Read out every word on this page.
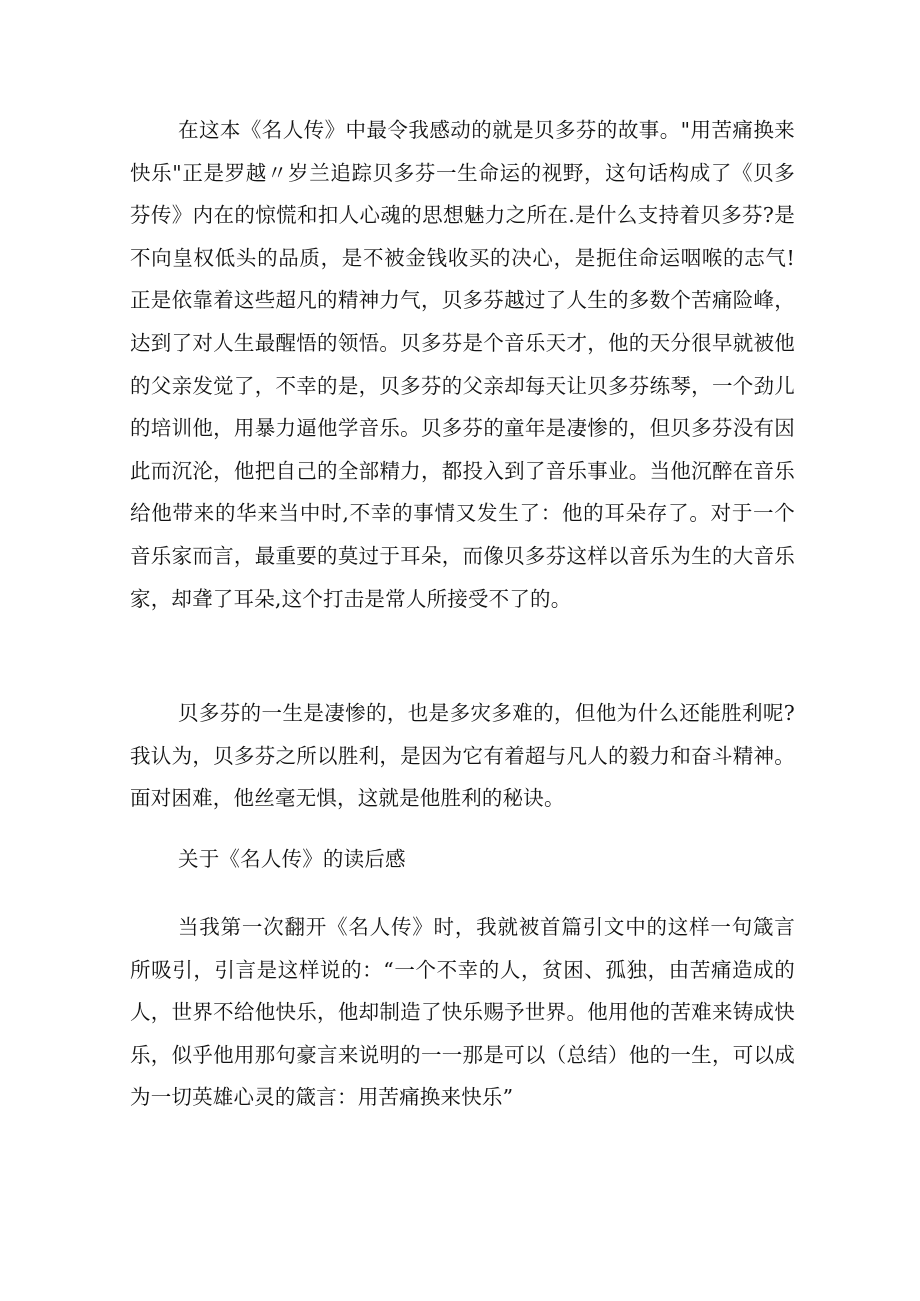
在这本《名人传》中最令我感动的就是贝多芬的故事。"用苦痛换来快乐"正是罗越〃岁兰追踪贝多芬一生命运的视野，这句话构成了《贝多芬传》内在的惊慌和扣人心魂的思想魅力之所在.是什么支持着贝多芬?是不向皇权低头的品质，是不被金钱收买的决心，是扼住命运咽喉的志气!正是依靠着这些超凡的精神力气，贝多芬越过了人生的多数个苦痛险峰，达到了对人生最醒悟的领悟。贝多芬是个音乐天才，他的天分很早就被他的父亲发觉了，不幸的是，贝多芬的父亲却每天让贝多芬练琴，一个劲儿的培训他，用暴力逼他学音乐。贝多芬的童年是凄惨的，但贝多芬没有因此而沉沦，他把自己的全部精力，都投入到了音乐事业。当他沉醉在音乐给他带来的华来当中时,不幸的事情又发生了：他的耳朵存了。对于一个音乐家而言，最重要的莫过于耳朵，而像贝多芬这样以音乐为生的大音乐家，却聋了耳朵,这个打击是常人所接受不了的。

贝多芬的一生是凄惨的，也是多灾多难的，但他为什么还能胜利呢?我认为，贝多芬之所以胜利，是因为它有着超与凡人的毅力和奋斗精神。面对困难，他丝毫无惧，这就是他胜利的秘诀。

关于《名人传》的读后感

当我第一次翻开《名人传》时，我就被首篇引文中的这样一句箴言所吸引，引言是这样说的：“一个不幸的人，贫困、孤独，由苦痛造成的人，世界不给他快乐，他却制造了快乐赐予世界。他用他的苦难来铸成快乐，似乎他用那句豪言来说明的一一那是可以（总结）他的一生，可以成为一切英雄心灵的箴言：用苦痛换来快乐”
